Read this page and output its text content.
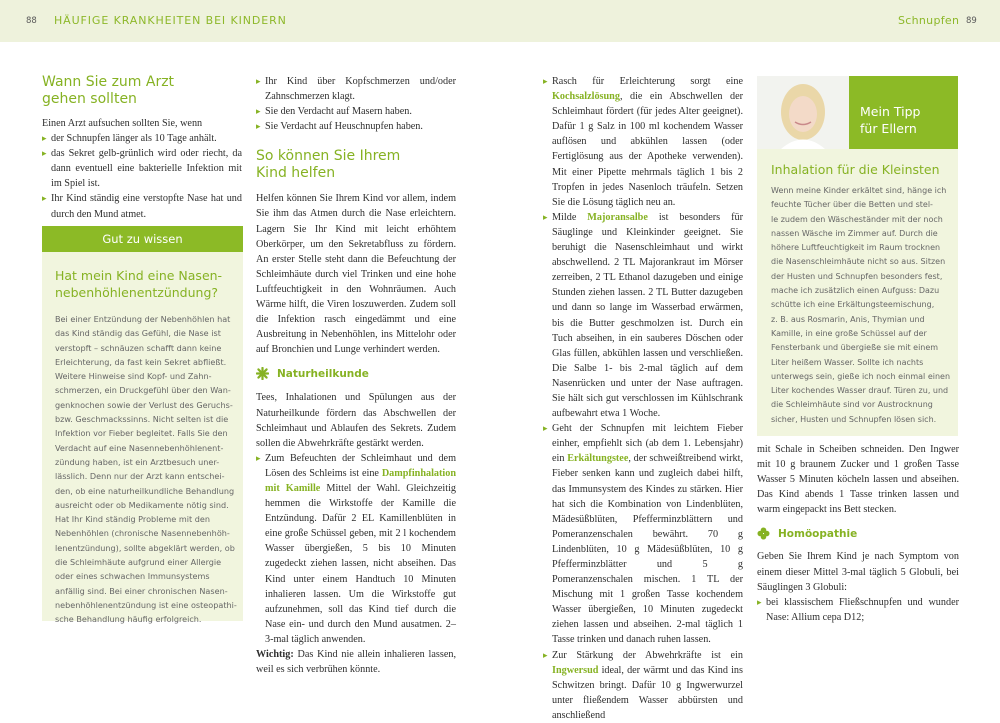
88 HÄUFIGE KRANKHEITEN BEI KINDERN	Schnupfen 89
Wann Sie zum Arzt
gehen sollten
Einen Arzt aufsuchen sollten Sie, wenn
▸ der Schnupfen länger als 10 Tage anhält.
▸ das Sekret gelb-grünlich wird oder riecht, da dann eventuell eine bakterielle Infektion mit im Spiel ist.
▸ Ihr Kind ständig eine verstopfte Nase hat und durch den Mund atmet.
Gut zu wissen
Hat mein Kind eine Nasen-
nebenhöhlenentzündung?
Bei einer Entzündung der Nebenhöhlen hat
das Kind ständig das Gefühl, die Nase ist
verstopft – schnäuzen schafft dann keine
Erleichterung, da fast kein Sekret abfließt.
Weitere Hinweise sind Kopf- und Zahn-
schmerzen, ein Druckgefühl über den Wan-
genknochen sowie der Verlust des Geruchs-
bzw. Geschmackssinns. Nicht selten ist die
Infektion vor Fieber begleitet. Falls Sie den
Verdacht auf eine Nasennebenhöhlenent-
zündung haben, ist ein Arztbesuch uner-
lässlich. Denn nur der Arzt kann entschei-
den, ob eine naturheilkundliche Behandlung
ausreicht oder ob Medikamente nötig sind.
Hat Ihr Kind ständig Probleme mit den
Nebenhöhlen (chronische Nasennebenhöh-
lenentzündung), sollte abgeklärt werden, ob
die Schleimhäute aufgrund einer Allergie
oder eines schwachen Immunsystems
anfällig sind. Bei einer chronischen Nasen-
nebenhöhlenentzündung ist eine osteopathi-
sche Behandlung häufig erfolgreich.
▸ Ihr Kind über Kopfschmerzen und/oder Zahnschmerzen klagt.
▸ Sie den Verdacht auf Masern haben.
▸ Sie Verdacht auf Heuschnupfen haben.
So können Sie Ihrem
Kind helfen
Helfen können Sie Ihrem Kind vor allem, indem Sie ihm das Atmen durch die Nase erleichtern. Lagern Sie Ihr Kind mit leicht erhöhtem Oberkörper, um den Sekretabfluss zu fördern. An erster Stelle steht dann die Befeuchtung der Schleimhäute durch viel Trinken und eine hohe Luftfeuchtigkeit in den Wohnräumen. Auch Wärme hilft, die Viren loszuwerden. Zudem soll die Infektion rasch eingedämmt und eine Ausbreitung in Nebenhöhlen, ins Mittelohr oder auf Bronchien und Lunge verhindert werden.
Naturheilkunde
Tees, Inhalationen und Spülungen aus der Naturheilkunde fördern das Abschwellen der Schleimhaut und Ablaufen des Sekrets. Zudem sollen die Abwehrkräfte gestärkt werden.
▸ Zum Befeuchten der Schleimhaut und dem Lösen des Schleims ist eine Dampfinhalation mit Kamille Mittel der Wahl. Gleichzeitig hemmen die Wirkstoffe der Kamille die Entzündung. Dafür 2 EL Kamillenblüten in eine große Schüssel geben, mit 2 l kochendem Wasser übergießen, 5 bis 10 Minuten zugedeckt ziehen lassen, nicht abseihen. Das Kind unter einem Handtuch 10 Minuten inhalieren lassen. Um die Wirkstoffe gut aufzunehmen, soll das Kind tief durch die Nase ein- und durch den Mund ausatmen. 2–3-mal täglich anwenden.
Wichtig: Das Kind nie allein inhalieren lassen, weil es sich verbrühen könnte.
▸ Rasch für Erleichterung sorgt eine Kochsalzlösung, die ein Abschwellen der Schleimhaut fördert (für jedes Alter geeignet). Dafür 1 g Salz in 100 ml kochendem Wasser auflösen und abkühlen lassen (oder Fertiglösung aus der Apotheke verwenden). Mit einer Pipette mehrmals täglich 1 bis 2 Tropfen in jedes Nasenloch träufeln. Setzen Sie die Lösung täglich neu an.
▸ Milde Majoransalbe ist besonders für Säuglinge und Kleinkinder geeignet. Sie beruhigt die Nasenschleimhaut und wirkt abschwellend. 2 TL Majorankraut im Mörser zerreiben, 2 TL Ethanol dazugeben und einige Stunden ziehen lassen. 2 TL Butter dazugeben und dann so lange im Wasserbad erwärmen, bis die Butter geschmolzen ist. Durch ein Tuch abseihen, in ein sauberes Döschen oder Glas füllen, abkühlen lassen und verschließen. Die Salbe 1- bis 2-mal täglich auf dem Nasenrücken und unter der Nase auftragen. Sie hält sich gut verschlossen im Kühlschrank aufbewahrt etwa 1 Woche.
▸ Geht der Schnupfen mit leichtem Fieber einher, empfiehlt sich (ab dem 1. Lebensjahr) ein Erkältungstee, der schweißtreibend wirkt, Fieber senken kann und zugleich dabei hilft, das Immunsystem des Kindes zu stärken. Hier hat sich die Kombination von Lindenblüten, Mädesüßblüten, Pfefferminzblättern und Pomeranzenschalen bewährt. 70 g Lindenblüten, 10 g Mädesüßblüten, 10 g Pfefferminzblätter und 5 g Pomeranzenschalen mischen. 1 TL der Mischung mit 1 großen Tasse kochendem Wasser übergießen, 10 Minuten zugedeckt ziehen lassen und abseihen. 2-mal täglich 1 Tasse trinken und danach ruhen lassen.
▸ Zur Stärkung der Abwehrkräfte ist ein Ingwersud ideal, der wärmt und das Kind ins Schwitzen bringt. Dafür 10 g Ingwerwurzel unter fließendem Wasser abbürsten und anschließend
Mein Tipp
für Ellern
Inhalation für die Kleinsten
Wenn meine Kinder erkältet sind, hänge ich
feuchte Tücher über die Betten und stel-
le zudem den Wäscheständer mit der noch
nassen Wäsche im Zimmer auf. Durch die
höhere Luftfeuchtigkeit im Raum trocknen
die Nasenschleimhäute nicht so aus. Sitzen
der Husten und Schnupfen besonders fest,
mache ich zusätzlich einen Aufguss: Dazu
schütte ich eine Erkältungsteemischung,
z. B. aus Rosmarin, Anis, Thymian und
Kamille, in eine große Schüssel auf der
Fensterbank und übergieße sie mit einem
Liter heißem Wasser. Sollte ich nachts
unterwegs sein, gieße ich noch einmal einen
Liter kochendes Wasser drauf. Türen zu, und
die Schleimhäute sind vor Austrocknung
sicher, Husten und Schnupfen lösen sich.
mit Schale in Scheiben schneiden. Den Ingwer mit 10 g braunem Zucker und 1 großen Tasse Wasser 5 Minuten köcheln lassen und abseihen. Das Kind abends 1 Tasse trinken lassen und warm eingepackt ins Bett stecken.
Homöopathie
Geben Sie Ihrem Kind je nach Symptom von einem dieser Mittel 3-mal täglich 5 Globuli, bei Säuglingen 3 Globuli:
▸ bei klassischem Fließschnupfen und wunder Nase: Allium cepa D12;
